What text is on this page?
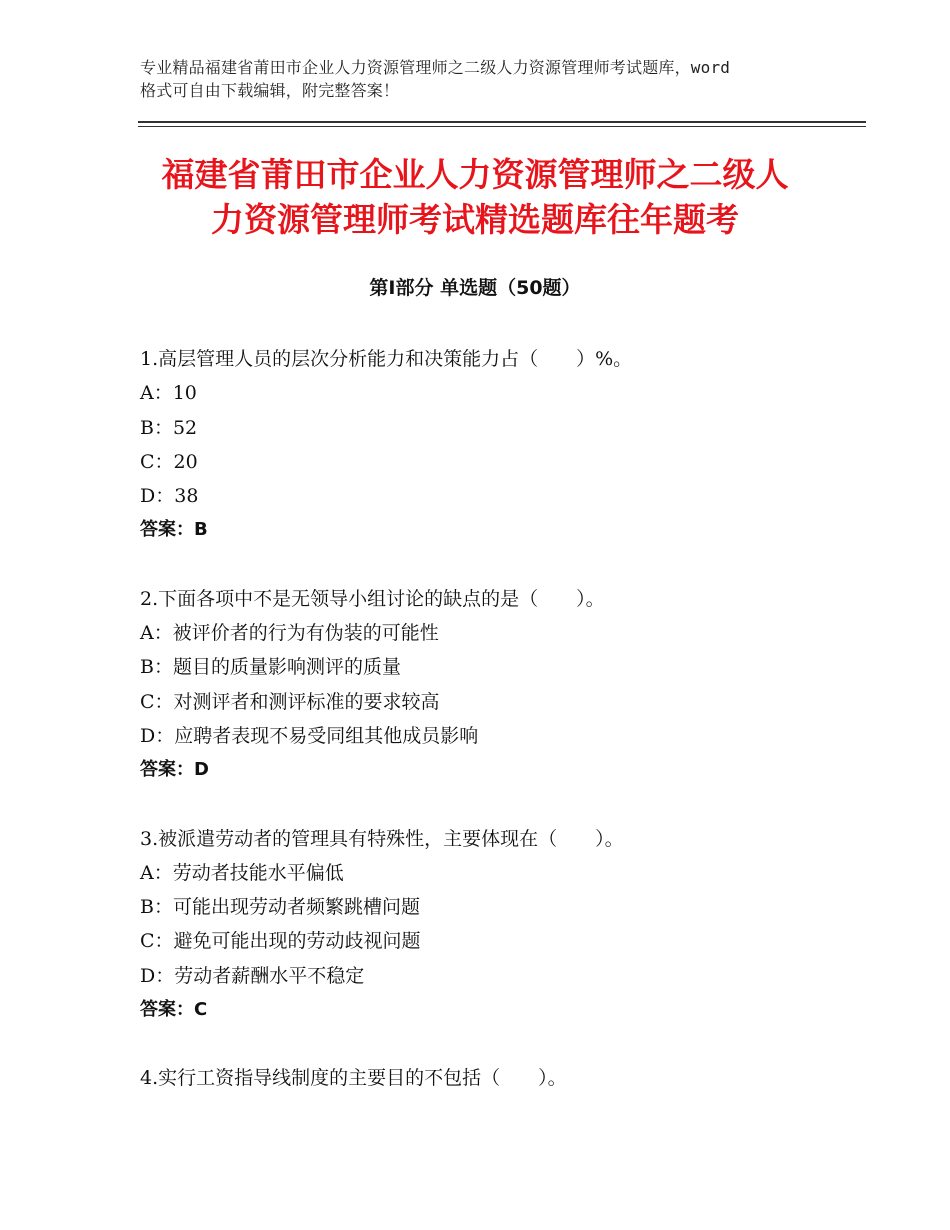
专业精品福建省莆田市企业人力资源管理师之二级人力资源管理师考试题库，word
格式可自由下载编辑，附完整答案！
福建省莆田市企业人力资源管理师之二级人
力资源管理师考试精选题库往年题考
第Ⅰ部分 单选题（50题）
1.高层管理人员的层次分析能力和决策能力占（　　）%。
A：10
B：52
C：20
D：38
答案：B
2.下面各项中不是无领导小组讨论的缺点的是（　　）。
A：被评价者的行为有伪装的可能性
B：题目的质量影响测评的质量
C：对测评者和测评标准的要求较高
D：应聘者表现不易受同组其他成员影响
答案：D
3.被派遣劳动者的管理具有特殊性，主要体现在（　　）。
A：劳动者技能水平偏低
B：可能出现劳动者频繁跳槽问题
C：避免可能出现的劳动歧视问题
D：劳动者薪酬水平不稳定
答案：C
4.实行工资指导线制度的主要目的不包括（　　）。
